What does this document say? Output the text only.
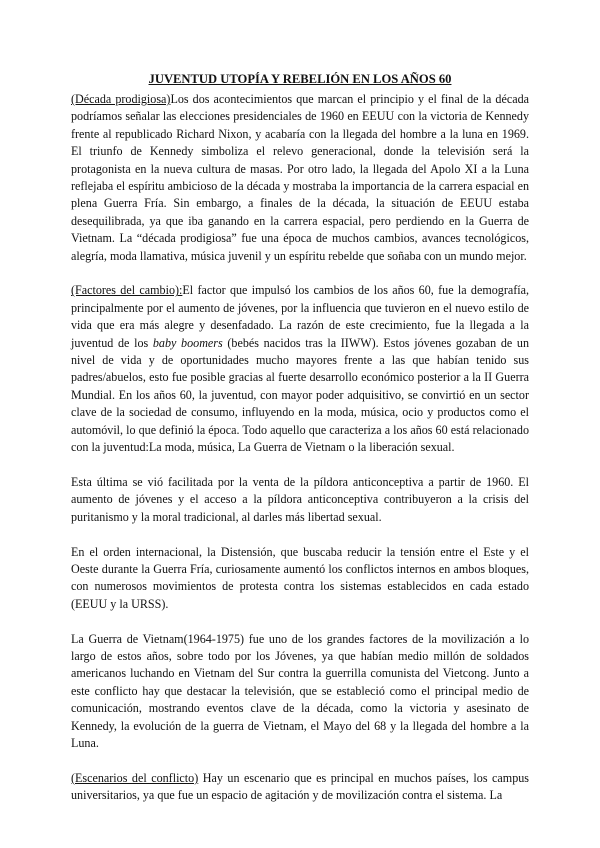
JUVENTUD UTOPÍA Y REBELIÓN EN LOS AÑOS 60

(Década prodigiosa)Los dos acontecimientos que marcan el principio y el final de la década podríamos señalar las elecciones presidenciales de 1960 en EEUU con la victoria de Kennedy frente al republicado Richard Nixon, y acabaría con la llegada del hombre a la luna en 1969. El triunfo de Kennedy simboliza el relevo generacional, donde la televisión será la protagonista en la nueva cultura de masas. Por otro lado, la llegada del Apolo XI a la Luna reflejaba el espíritu ambicioso de la década y mostraba la importancia de la carrera espacial en plena Guerra Fría. Sin embargo, a finales de la década, la situación de EEUU estaba desequilibrada, ya que iba ganando en la carrera espacial, pero perdiendo en la Guerra de Vietnam. La “década prodigiosa” fue una época de muchos cambios, avances tecnológicos, alegría, moda llamativa, música juvenil y un espíritu rebelde que soñaba con un mundo mejor.

(Factores del cambio):El factor que impulsó los cambios de los años 60, fue la demografía, principalmente por el aumento de jóvenes, por la influencia que tuvieron en el nuevo estilo de vida que era más alegre y desenfadado. La razón de este crecimiento, fue la llegada a la juventud de los baby boomers (bebés nacidos tras la IIWW). Estos jóvenes gozaban de un nivel de vida y de oportunidades mucho mayores frente a las que habían tenido sus padres/abuelos, esto fue posible gracias al fuerte desarrollo económico posterior a la II Guerra Mundial. En los años 60, la juventud, con mayor poder adquisitivo, se convirtió en un sector clave de la sociedad de consumo, influyendo en la moda, música, ocio y productos como el automóvil, lo que definió la época. Todo aquello que caracteriza a los años 60 está relacionado con la juventud:La moda, música, La Guerra de Vietnam o la liberación sexual.

Esta última se vió facilitada por la venta de la píldora anticonceptiva a partir de 1960. El aumento de jóvenes y el acceso a la píldora anticonceptiva contribuyeron a la crisis del puritanismo y la moral tradicional, al darles más libertad sexual.

En el orden internacional, la Distensión, que buscaba reducir la tensión entre el Este y el Oeste durante la Guerra Fría, curiosamente aumentó los conflictos internos en ambos bloques, con numerosos movimientos de protesta contra los sistemas establecidos en cada estado (EEUU y la URSS).

La Guerra de Vietnam(1964-1975) fue uno de los grandes factores de la movilización a lo largo de estos años, sobre todo por los Jóvenes, ya que habían medio millón de soldados americanos luchando en Vietnam del Sur contra la guerrilla comunista del Vietcong. Junto a este conflicto hay que destacar la televisión, que se estableció como el principal medio de comunicación, mostrando eventos clave de la década, como la victoria y asesinato de Kennedy, la evolución de la guerra de Vietnam, el Mayo del 68 y la llegada del hombre a la Luna.

(Escenarios del conflicto) Hay un escenario que es principal en muchos países, los campus universitarios, ya que fue un espacio de agitación y de movilización contra el sistema. La
